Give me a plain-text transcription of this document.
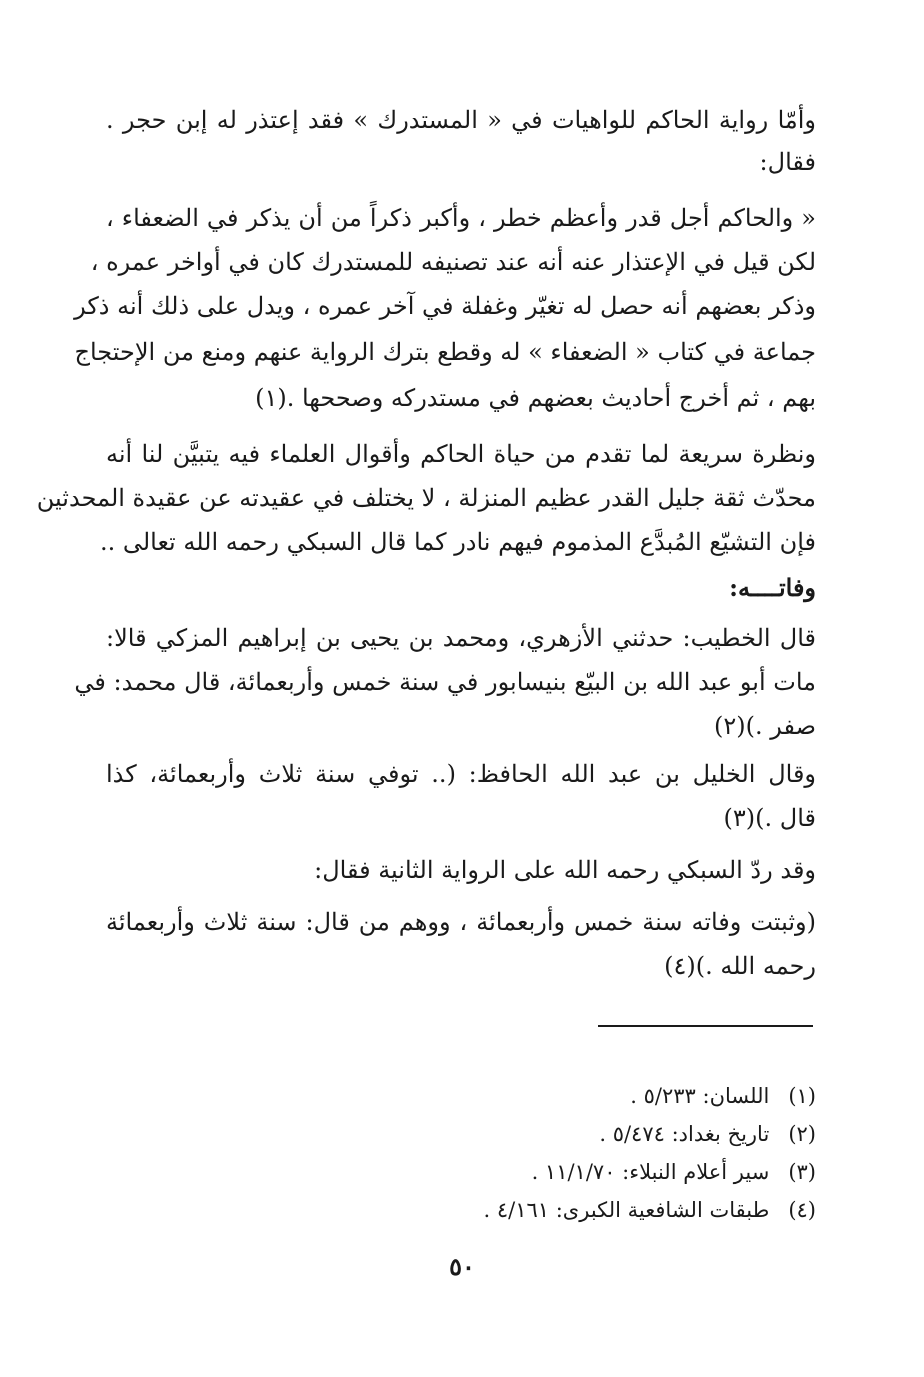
وأمّا رواية الحاكم للواهيات في « المستدرك » فقد إعتذر له إبن حجر .
فقال:
« والحاكم أجل قدر وأعظم خطر ، وأكبر ذكراً من أن يذكر في الضعفاء ،
لكن قيل في الإعتذار عنه أنه عند تصنيفه للمستدرك كان في أواخر عمره ،
وذكر بعضهم أنه حصل له تغيّر وغفلة في آخر عمره ، ويدل على ذلك أنه ذكر
جماعة في كتاب « الضعفاء » له وقطع بترك الرواية عنهم ومنع من الإحتجاج
بهم ، ثم أخرج أحاديث بعضهم في مستدركه وصححها .(١)
ونظرة سريعة لما تقدم من حياة الحاكم وأقوال العلماء فيه يتبيَّن لنا أنه
محدّث ثقة جليل القدر عظيم المنزلة ، لا يختلف في عقيدته عن عقيدة المحدثين
فإن التشيّع المُبدَّع المذموم فيهم نادر كما قال السبكي رحمه الله تعالى ..
وفاتــــه:
قال الخطيب: حدثني الأزهري، ومحمد بن يحيى بن إبراهيم المزكي قالا:
مات أبو عبد الله بن البيّع بنيسابور في سنة خمس وأربعمائة، قال محمد: في
صفر .)(٢)
وقال الخليل بن عبد الله الحافظ: (.. توفي سنة ثلاث وأربعمائة، كذا
قال .)(٣)
وقد ردّ السبكي رحمه الله على الرواية الثانية فقال:
(وثبتت وفاته سنة خمس وأربعمائة ، ووهم من قال: سنة ثلاث وأربعمائة
رحمه الله .)(٤)
(١) اللسان: ٥/٢٣٣ .
(٢) تاريخ بغداد: ٥/٤٧٤ .
(٣) سير أعلام النبلاء: ١١/١/٧٠ .
(٤) طبقات الشافعية الكبرى: ٤/١٦١ .
٥٠
